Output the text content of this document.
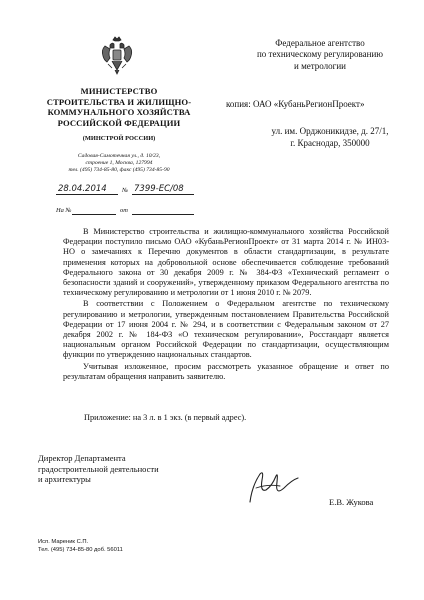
МИНИСТЕРСТВО
СТРОИТЕЛЬСТВА И ЖИЛИЩНО-
КОММУНАЛЬНОГО ХОЗЯЙСТВА
РОССИЙСКОЙ ФЕДЕРАЦИИ
(МИНСТРОЙ РОССИИ)
Садовая-Самотечная ул., д. 10/23,
строение 1, Москва, 127994
тел. (495) 734-85-80, факс (495) 734-85-90
28.04.2014 № 7399-ЕС/08
На №	от
Федеральное агентство
по техническому регулированию
и метрологии
копия: ОАО «КубаньРегионПроект»
ул. им. Орджоникидзе, д. 27/1,
г. Краснодар, 350000

В Министерство строительства и жилищно-коммунального хозяйства Российской Федерации поступило письмо ОАО «КубаньРегионПроект» от 31 марта 2014 г. № ИН03-НО о замечаниях к Перечню документов в области стандартизации, в результате применения которых на добровольной основе обеспечивается соблюдение требований Федерального закона от 30 декабря 2009 г. № 384-ФЗ «Технический регламент о безопасности зданий и сооружений», утвержденному приказом Федерального агентства по техническому регулированию и метрологии от 1 июня 2010 г. № 2079.

В соответствии с Положением о Федеральном агентстве по техническому регулированию и метрологии, утвержденным постановлением Правительства Российской Федерации от 17 июня 2004 г. № 294, и в соответствии с Федеральным законом от 27 декабря 2002 г. № 184-ФЗ «О техническом регулировании», Росстандарт является национальным органом Российской Федерации по стандартизации, осуществляющим функции по утверждению национальных стандартов.

Учитывая изложенное, просим рассмотреть указанное обращение и ответ по результатам обращения направить заявителю.

Приложение: на 3 л. в 1 экз. (в первый адрес).
Директор Департамента
градостроительной деятельности
и архитектуры
Е.В. Жукова
Исп. Мареник С.П.
Тел. (495) 734-85-80 доб. 56011
